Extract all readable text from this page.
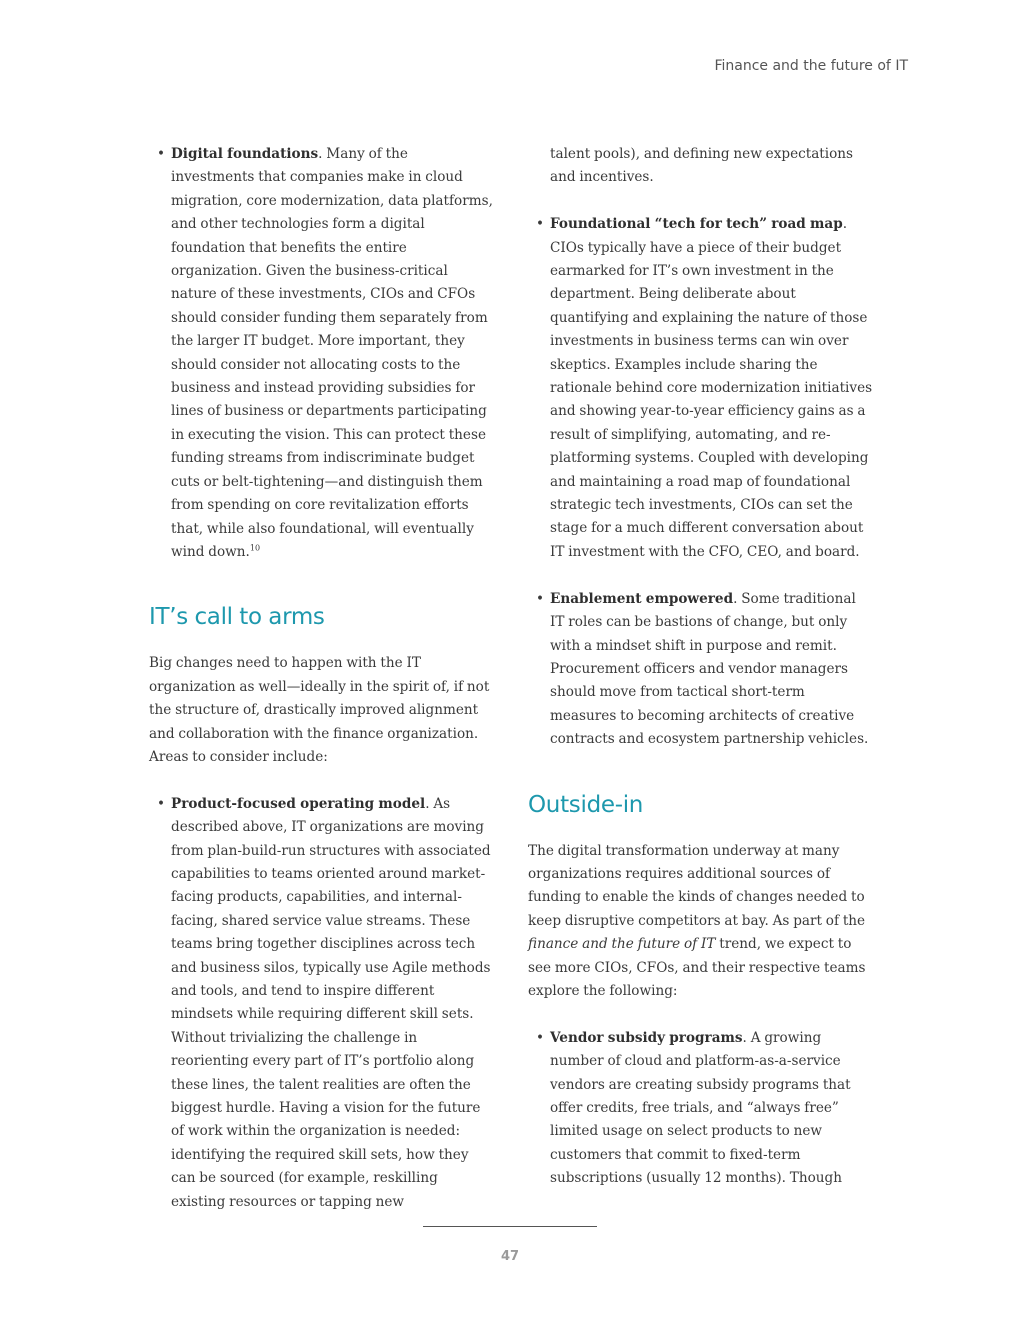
Finance and the future of IT
• Digital foundations. Many of the investments that companies make in cloud migration, core modernization, data platforms, and other technologies form a digital foundation that benefits the entire organization. Given the business-critical nature of these investments, CIOs and CFOs should consider funding them separately from the larger IT budget. More important, they should consider not allocating costs to the business and instead providing subsidies for lines of business or departments participating in executing the vision. This can protect these funding streams from indiscriminate budget cuts or belt-tightening—and distinguish them from spending on core revitalization efforts that, while also foundational, will eventually wind down.$^{10}$
IT’s call to arms

Big changes need to happen with the IT organization as well—ideally in the spirit of, if not the structure of, drastically improved alignment and collaboration with the finance organization. Areas to consider include:

• Product-focused operating model. As described above, IT organizations are moving from plan-build-run structures with associated capabilities to teams oriented around market-facing products, capabilities, and internal-facing, shared service value streams. These teams bring together disciplines across tech and business silos, typically use Agile methods and tools, and tend to inspire different mindsets while requiring different skill sets. Without trivializing the challenge in reorienting every part of IT’s portfolio along these lines, the talent realities are often the biggest hurdle. Having a vision for the future of work within the organization is needed: identifying the required skill sets, how they can be sourced (for example, reskilling existing resources or tapping new
talent pools), and defining new expectations and incentives.
• Foundational “tech for tech” road map. CIOs typically have a piece of their budget earmarked for IT’s own investment in the department. Being deliberate about quantifying and explaining the nature of those investments in business terms can win over skeptics. Examples include sharing the rationale behind core modernization initiatives and showing year-to-year efficiency gains as a result of simplifying, automating, and re-platforming systems. Coupled with developing and maintaining a road map of foundational strategic tech investments, CIOs can set the stage for a much different conversation about IT investment with the CFO, CEO, and board.
• Enablement empowered. Some traditional IT roles can be bastions of change, but only with a mindset shift in purpose and remit. Procurement officers and vendor managers should move from tactical short-term measures to becoming architects of creative contracts and ecosystem partnership vehicles.
Outside-in

The digital transformation underway at many organizations requires additional sources of funding to enable the kinds of changes needed to keep disruptive competitors at bay. As part of the finance and the future of IT trend, we expect to see more CIOs, CFOs, and their respective teams explore the following:

• Vendor subsidy programs. A growing number of cloud and platform-as-a-service vendors are creating subsidy programs that offer credits, free trials, and “always free” limited usage on select products to new customers that commit to fixed-term subscriptions (usually 12 months). Though
47
